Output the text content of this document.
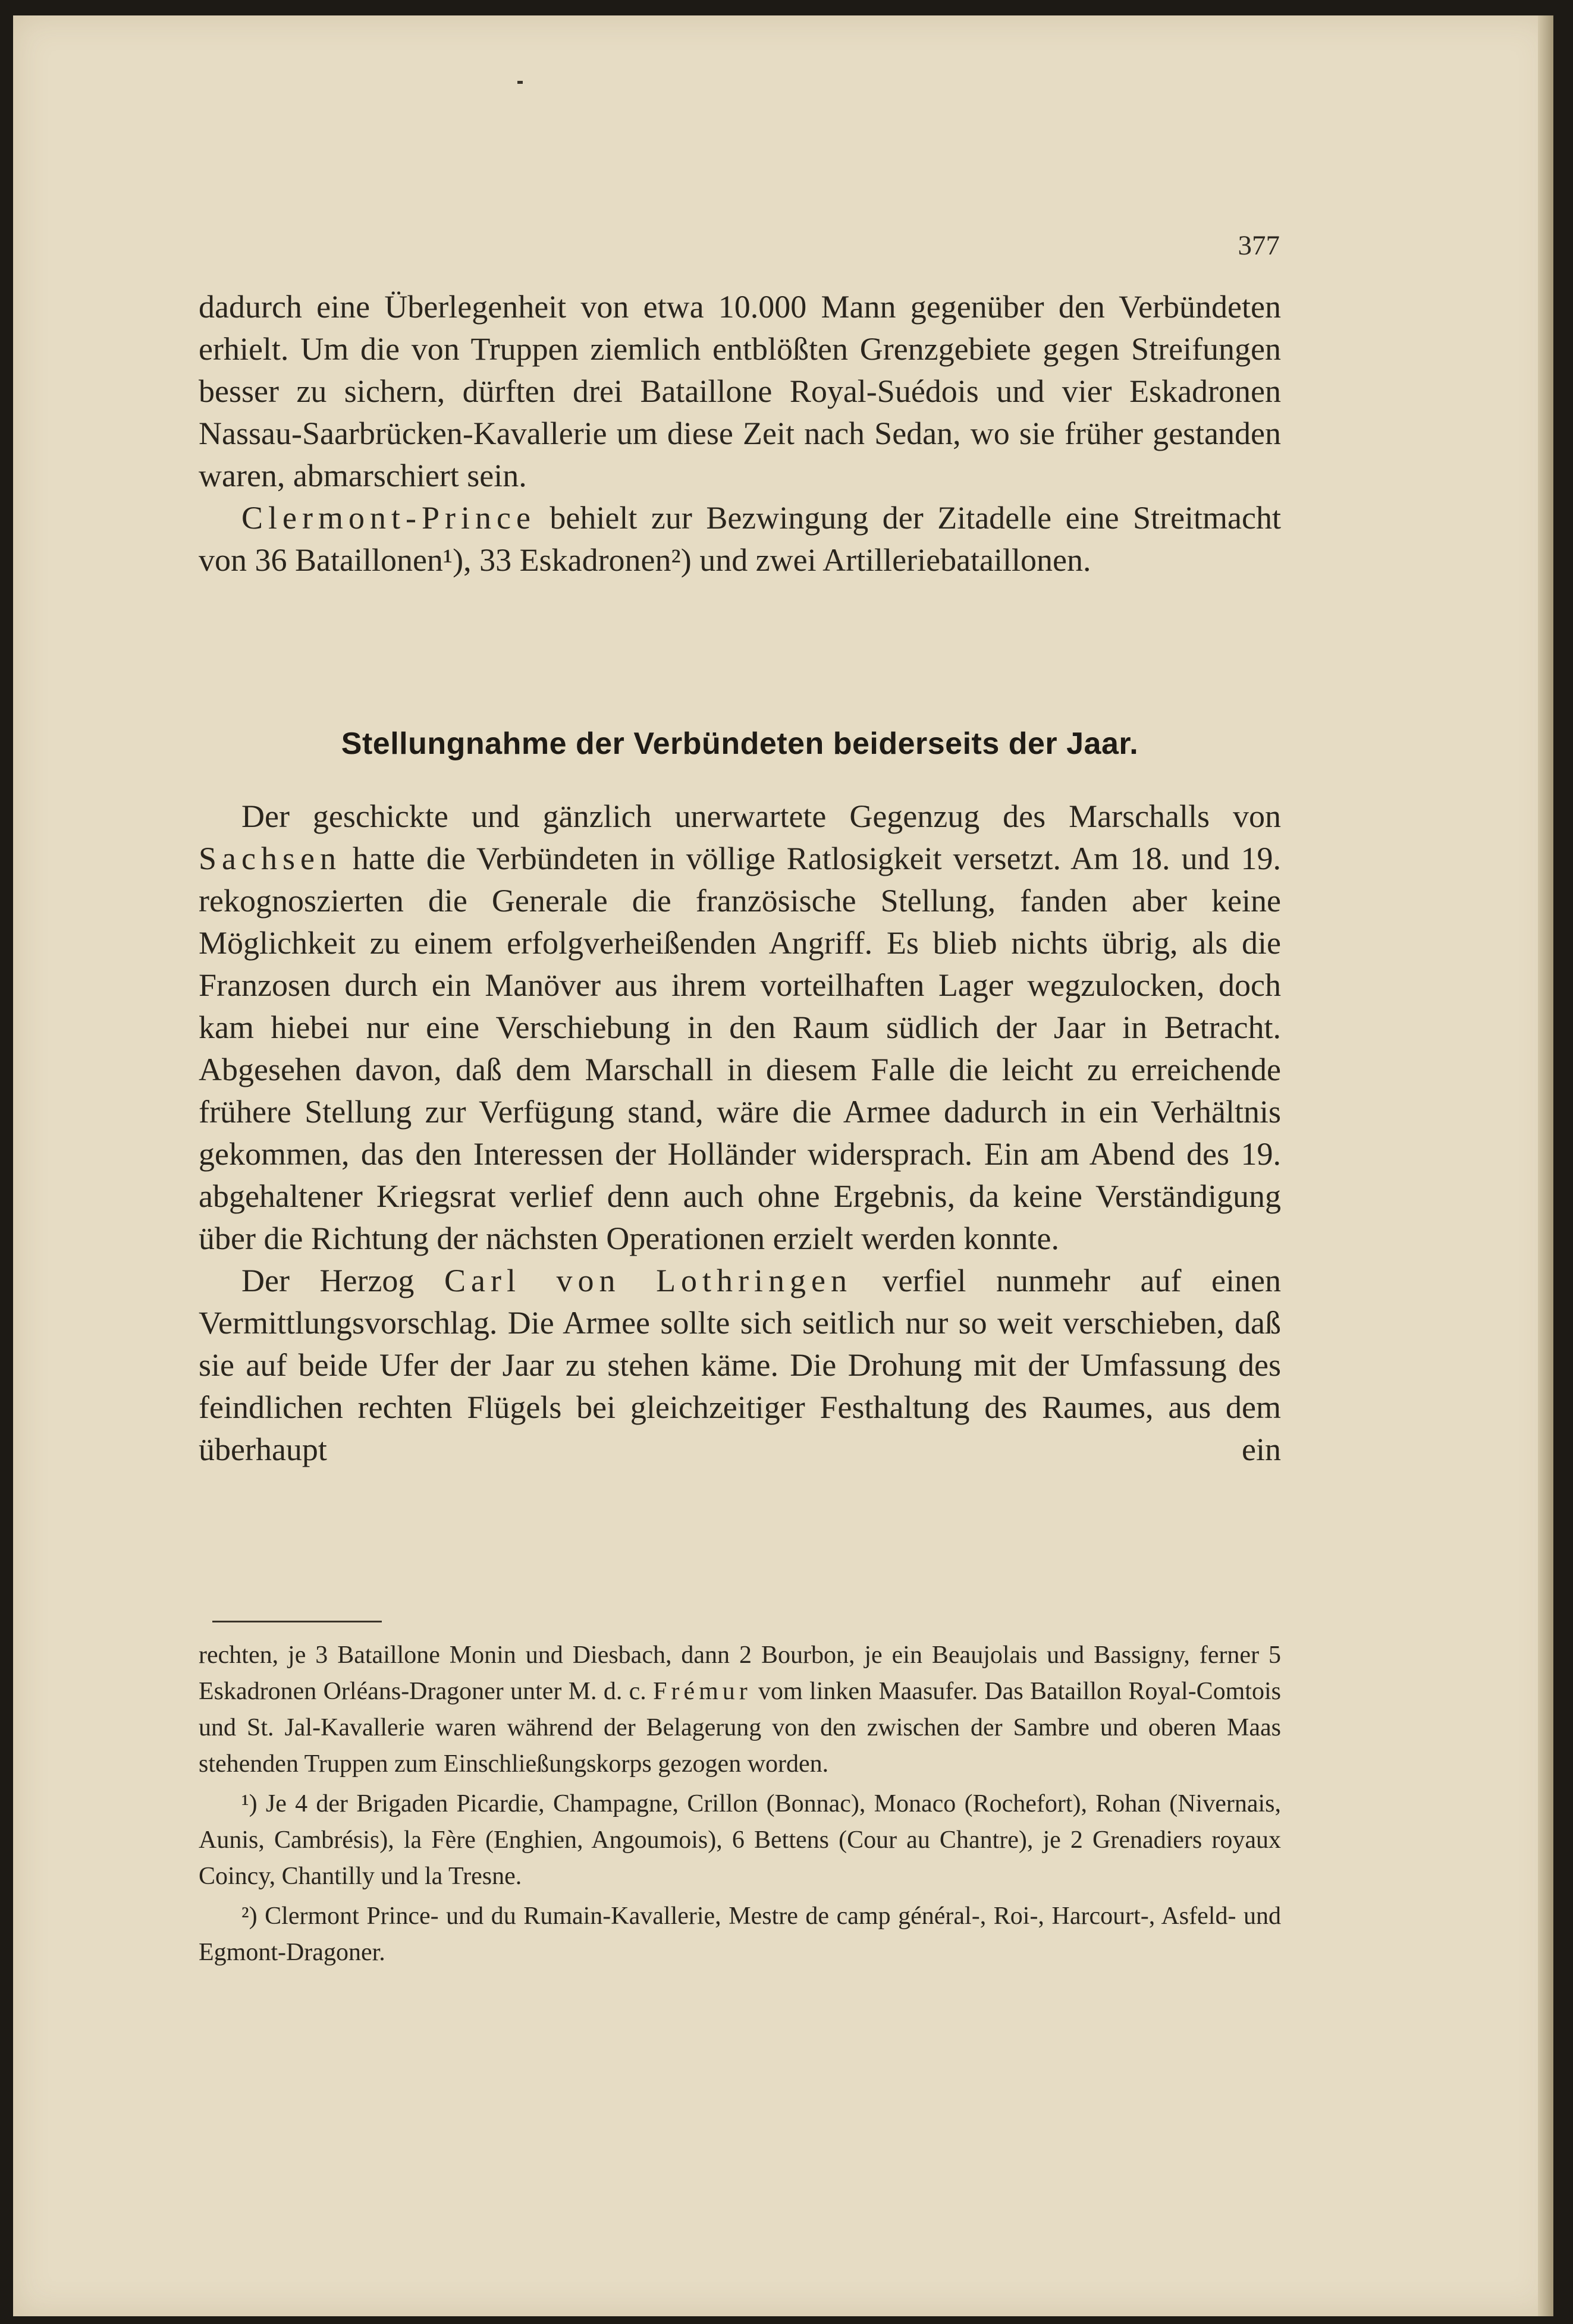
377

dadurch eine Überlegenheit von etwa 10.000 Mann gegenüber den Verbündeten erhielt. Um die von Truppen ziemlich entblößten Grenzgebiete gegen Streifungen besser zu sichern, dürften drei Bataillone Royal-Suédois und vier Eskadronen Nassau-Saarbrücken-Kavallerie um diese Zeit nach Sedan, wo sie früher gestanden waren, abmarschiert sein.

Clermont-Prince behielt zur Bezwingung der Zitadelle eine Streitmacht von 36 Bataillonen¹), 33 Eskadronen²) und zwei Artilleriebataillonen.

Stellungnahme der Verbündeten beiderseits der Jaar.

Der geschickte und gänzlich unerwartete Gegenzug des Marschalls von Sachsen hatte die Verbündeten in völlige Ratlosigkeit versetzt. Am 18. und 19. rekognoszierten die Generale die französische Stellung, fanden aber keine Möglichkeit zu einem erfolgverheißenden Angriff. Es blieb nichts übrig, als die Franzosen durch ein Manöver aus ihrem vorteilhaften Lager wegzulocken, doch kam hiebei nur eine Verschiebung in den Raum südlich der Jaar in Betracht. Abgesehen davon, daß dem Marschall in diesem Falle die leicht zu erreichende frühere Stellung zur Verfügung stand, wäre die Armee dadurch in ein Verhältnis gekommen, das den Interessen der Holländer widersprach. Ein am Abend des 19. abgehaltener Kriegsrat verlief denn auch ohne Ergebnis, da keine Verständigung über die Richtung der nächsten Operationen erzielt werden konnte.

Der Herzog Carl von Lothringen verfiel nunmehr auf einen Vermittlungsvorschlag. Die Armee sollte sich seitlich nur so weit verschieben, daß sie auf beide Ufer der Jaar zu stehen käme. Die Drohung mit der Umfassung des feindlichen rechten Flügels bei gleichzeitiger Festhaltung des Raumes, aus dem überhaupt ein

rechten, je 3 Bataillone Monin und Diesbach, dann 2 Bourbon, je ein Beaujolais und Bassigny, ferner 5 Eskadronen Orléans-Dragoner unter M. d. c. Frémur vom linken Maasufer. Das Bataillon Royal-Comtois und St. Jal-Kavallerie waren während der Belagerung von den zwischen der Sambre und oberen Maas stehenden Truppen zum Einschließungskorps gezogen worden.

¹) Je 4 der Brigaden Picardie, Champagne, Crillon (Bonnac), Monaco (Rochefort), Rohan (Nivernais, Aunis, Cambrésis), la Fère (Enghien, Angoumois), 6 Bettens (Cour au Chantre), je 2 Grenadiers royaux Coincy, Chantilly und la Tresne.

²) Clermont Prince- und du Rumain-Kavallerie, Mestre de camp général-, Roi-, Harcourt-, Asfeld- und Egmont-Dragoner.
